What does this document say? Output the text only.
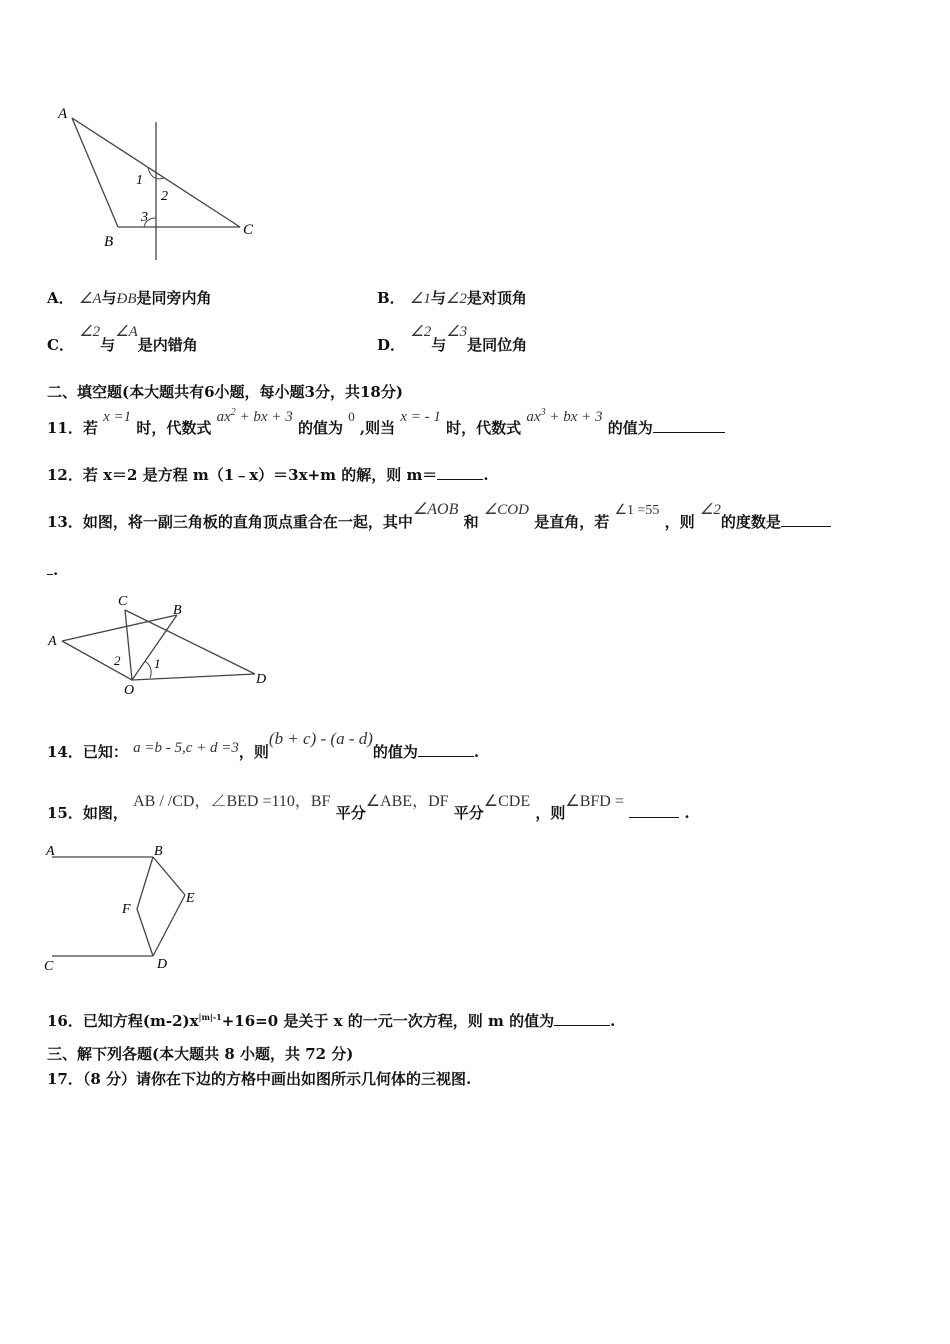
A
B
C
1
2
3
A． ∠A与ÐB是同旁内角	B． ∠1与∠2是对顶角
C． ∠2与∠A是内错角	D． ∠2与∠3是同位角
二、填空题(本大题共有6小题，每小题3分，共18分)
11．若 x =1 时，代数式 $ax^2$ + bx + 3 的值为 0 ,则当 x = - 1 时，代数式 $ax^3$ + bx + 3 的值为
12．若 x＝2 是方程 m（1﹣x）＝3x+m 的解，则 m＝	.
13．如图，将一副三角板的直角顶点重合在一起，其中∠AOB 和 ∠COD 是直角，若 ∠1 =55 ，则 ∠2的度数是
.
C
B
A
O
D
2	1
14．已知： a =b - 5,c + d =3，则(b + c) - (a - d)的值为	.
15．如图， AB / /CD，∠BED =110，BF 平分∠ABE，DF 平分∠CDE ，则∠BFD =  .
A	B
E
F
C	D
16．已知方程$(m-2)x^{|m|-1}+16=0$ 是关于 x 的一元一次方程，则 m 的值为	.
三、解下列各题(本大题共 8 小题，共 72 分)
17．（8 分）请你在下边的方格中画出如图所示几何体的三视图.
